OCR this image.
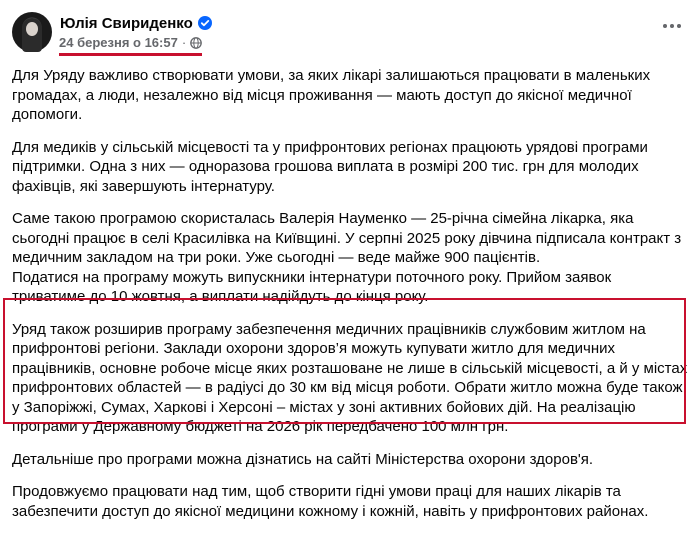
Юлія Свириденко
24 березня о 16:57 ·

Для Уряду важливо створювати умови, за яких лікарі залишаються працювати в маленьких
громадах, а люди, незалежно від місця проживання — мають доступ до якісної медичної
допомоги.

Для медиків у сільській місцевості та у прифронтових регіонах працюють урядові програми
підтримки. Одна з них — одноразова грошова виплата в розмірі 200 тис. грн для молодих
фахівців, які завершують інтернатуру.

Саме такою програмою скористалась Валерія Науменко — 25-річна сімейна лікарка, яка
сьогодні працює в селі Красилівка на Київщині. У серпні 2025 року дівчина підписала контракт з
медичним закладом на три роки. Уже сьогодні — веде майже 900 пацієнтів.
Податися на програму можуть випускники інтернатури поточного року. Прийом заявок
триватиме до 10 жовтня, а виплати надійдуть до кінця року.

Уряд також розширив програму забезпечення медичних працівників службовим житлом на
прифронтові регіони. Заклади охорони здоров’я можуть купувати житло для медичних
працівників, основне робоче місце яких розташоване не лише в сільській місцевості, а й у містах
прифронтових областей — в радіусі до 30 км від місця роботи. Обрати житло можна буде також
у Запоріжжі, Сумах, Харкові і Херсоні – містах у зоні активних бойових дій. На реалізацію
програми у Державному бюджеті на 2026 рік передбачено 100 млн грн.

Детальніше про програми можна дізнатись на сайті Міністерства охорони здоров'я.

Продовжуємо працювати над тим, щоб створити гідні умови праці для наших лікарів та
забезпечити доступ до якісної медицини кожному і кожній, навіть у прифронтових районах.
